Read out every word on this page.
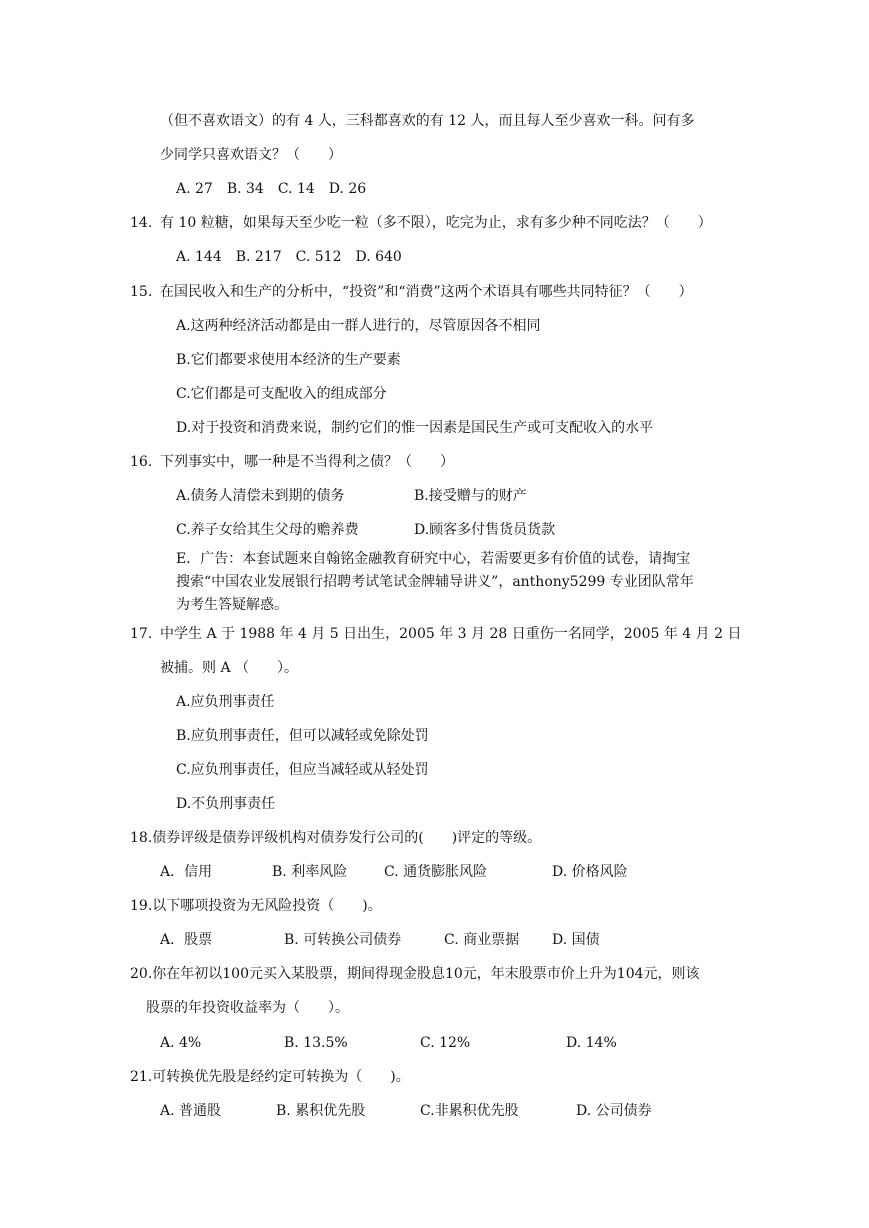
（但不喜欢语文）的有 4 人，三科都喜欢的有 12 人，而且每人至少喜欢一科。问有多
少同学只喜欢语文？（　　）
A. 27　B. 34　C. 14　D. 26
14. 有 10 粒糖，如果每天至少吃一粒（多不限），吃完为止，求有多少种不同吃法？（　　）
A. 144　B. 217　C. 512　D. 640
15. 在国民收入和生产的分析中，“投资”和“消费”这两个术语具有哪些共同特征？（　　）
A.这两种经济活动都是由一群人进行的，尽管原因各不相同
B.它们都要求使用本经济的生产要素
C.它们都是可支配收入的组成部分
D.对于投资和消费来说，制约它们的惟一因素是国民生产或可支配收入的水平
16. 下列事实中，哪一种是不当得利之债？（　　）
A.债务人清偿未到期的债务	B.接受赠与的财产
C.养子女给其生父母的赡养费	D.顾客多付售货员货款
E．广告：本套试题来自翰铭金融教育研究中心，若需要更多有价值的试卷，请掏宝
搜索“中国农业发展银行招聘考试笔试金牌辅导讲义”，anthony5299 专业团队常年
为考生答疑解惑。
17. 中学生 A 于 1988 年 4 月 5 日出生，2005 年 3 月 28 日重伤一名同学，2005 年 4 月 2 日
被捕。则 A （　　）。
A.应负刑事责任
B.应负刑事责任，但可以减轻或免除处罚
C.应负刑事责任，但应当减轻或从轻处罚
D.不负刑事责任
18.债券评级是债券评级机构对债券发行公司的(　　)评定的等级。
A．信用	B. 利率风险	C. 通货膨胀风险	D. 价格风险
19.以下哪项投资为无风险投资（　　)。
A．股票	B. 可转换公司债券	C. 商业票据 D. 国债
20.你在年初以100元买入某股票，期间得现金股息10元，年末股票市价上升为104元，则该
股票的年投资收益率为（　　）。
A. 4%	B. 13.5%	C. 12%	D. 14%
21.可转换优先股是经约定可转换为（　　)。
A. 普通股	B. 累积优先股	C.非累积优先股	D. 公司债券
